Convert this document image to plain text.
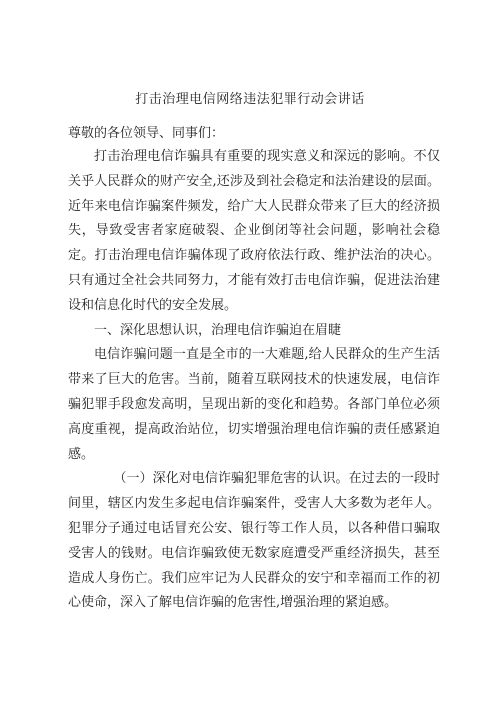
打击治理电信网络违法犯罪行动会讲话
尊敬的各位领导、同事们：

打击治理电信诈骗具有重要的现实意义和深远的影响。不仅关乎人民群众的财产安全,还涉及到社会稳定和法治建设的层面。近年来电信诈骗案件频发，给广大人民群众带来了巨大的经济损失，导致受害者家庭破裂、企业倒闭等社会问题，影响社会稳定。打击治理电信诈骗体现了政府依法行政、维护法治的决心。只有通过全社会共同努力，才能有效打击电信诈骗，促进法治建设和信息化时代的安全发展。

一、深化思想认识，治理电信诈骗迫在眉睫

电信诈骗问题一直是全市的一大难题,给人民群众的生产生活带来了巨大的危害。当前，随着互联网技术的快速发展，电信诈骗犯罪手段愈发高明，呈现出新的变化和趋势。各部门单位必须高度重视，提高政治站位，切实增强治理电信诈骗的责任感紧迫感。

（一）深化对电信诈骗犯罪危害的认识。在过去的一段时间里，辖区内发生多起电信诈骗案件，受害人大多数为老年人。犯罪分子通过电话冒充公安、银行等工作人员，以各种借口骗取受害人的钱财。电信诈骗致使无数家庭遭受严重经济损失，甚至造成人身伤亡。我们应牢记为人民群众的安宁和幸福而工作的初心使命，深入了解电信诈骗的危害性,增强治理的紧迫感。
